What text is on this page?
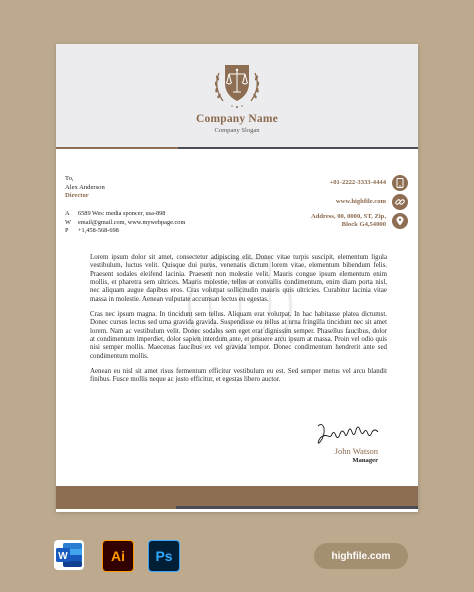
Company Name
Company Slogan
To,
Alex Anderson
Director
A	6589 Wes: media sponcer, usa-898
W	email@gmail.com, www.mywebpage.com
P	+1,458-568-698
+01-2222-3333-4444
www.highfile.com
Address, 00, 0000, ST, Zip,
Block G4,54000

Lorem ipsum dolor sit amet, consectetur adipiscing elit. Donec vitae turpis suscipit, elementum ligula vestibulum, luctus velit. Quisque dui purus, venenatis dictum lorem vitae, elementum bibendum felis. Praesent sodales eleifend lacinia. Praesent non molestie velit. Mauris congue ipsum elementum enim mollis, et pharetra sem ultrices. Mauris molestie, tellus at convallis condimentum, enim diam porta nisl, nec aliquam augue dapibus eros. Cras volutpat sollicitudin mauris quis ultricies. Curabitur lacinia vitae massa in molestie. Aenean vulputate accumsan lectus eu egestas.

Cras nec ipsum magna. In tincidunt sem tellus. Aliquam erat volutpat. In hac habitasse platea dictumst. Donec cursus lectus sed urna gravida gravida. Suspendisse eu tellus at urna fringilla tincidunt nec sit amet lorem. Nam ac vestibulum velit. Donec sodales sem eget erat dignissim semper. Phasellus faucibus, dolor at condimentum imperdiet, dolor sapien interdum ante, et posuere arcu ipsum at massa. Proin vel odio quis nisi semper mollis. Maecenas faucibus ex vel gravida tempor. Donec condimentum hendrerit ante sed condimentum mollis.

Aenean eu nisl sit amet risus fermentum efficitur vestibulum eu est. Sed semper metus vel arcu blandit finibus. Fusce mollis neque ac justo efficitur, et egestas libero auctor.

John Watson
Manager
W	Ai	Ps	highfile.com
